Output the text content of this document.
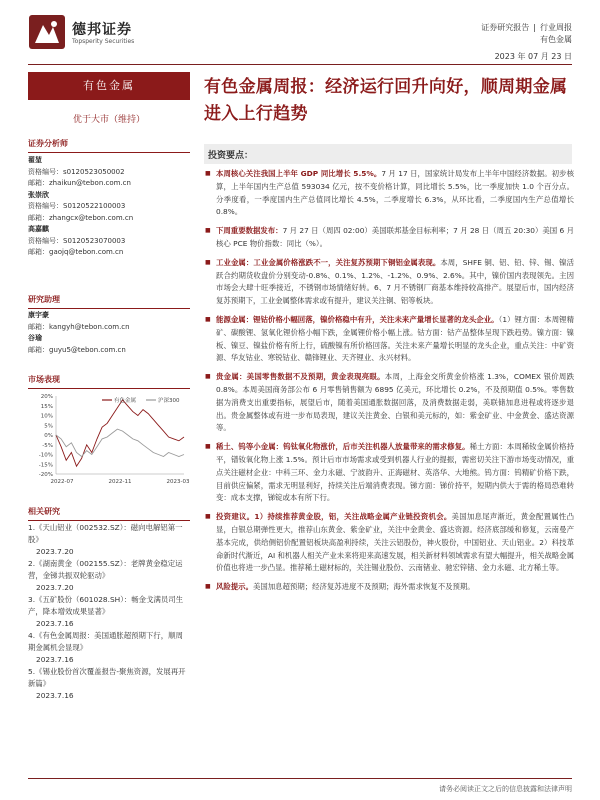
德邦证券
Topsperity Securities
证券研究报告 | 行业周报
有色金属
2023 年 07 月 23 日
有色金属
优于大市（维持）
证券分析师
翟堃
资格编号：s0120523050002
邮箱：zhaikun@tebon.com.cn
张崇欣
资格编号：S0120522100003
邮箱：zhangcx@tebon.com.cn
高嘉麒
资格编号：S0120523070003
邮箱：gaojq@tebon.com.cn
研究助理
康宇豪
邮箱：kangyh@tebon.com.cn
谷瑜
邮箱：guyu5@tebon.com.cn
市场表现
20%
15%
10%
5%
0%
-5%
-10%
-15%
-20%
2022-07	2022-11	2023-03
有色金属	沪深300
相关研究

1.《天山铝业（002532.SZ）：磁向电解铝第一股》

2023.7.20

2.《湖南黄金（002155.SZ）：老牌黄金稳定运营，金锑共振双轮驱动》

2023.7.20

3.《五矿股份（601028.SH）：畅金戈满员司生产，降本增效成果显著》

2023.7.16

4.《有色金属周报：美国通胀超预期下行，顺周期金属机会显现》

2023.7.16

5.《锡业股份首次覆盖报告-聚焦资源，发展再开新篇》

2023.7.16

有色金属周报：经济运行回升向好，顺周期金属进入上行趋势
投资要点：
■ 本周核心关注我国上半年 GDP 同比增长 5.5%。7 月 17 日，国家统计局发布上半年中国经济数据。初步核算，上半年国内生产总值 593034 亿元，按不变价格计算，同比增长 5.5%，比一季度加快 1.0 个百分点。分季度看，一季度国内生产总值同比增长 4.5%，二季度增长 6.3%，从环比看，二季度国内生产总值增长 0.8%。
■ 下周重要数据发布：7 月 27 日（周四 02:00）美国联邦基金目标利率；7 月 28 日（周五 20:30）美国 6 月核心 PCE 物价指数：同比（%）。
■ 工业金属：工业金属价格涨跌不一，关注复苏预期下铜铝金属表现。本周，SHFE 铜、铝、铅、锌、锡、镍活跃合约期货收盘价分别变动-0.8%、0.1%、1.2%、-1.2%、0.9%、2.6%。其中，镍价国内表现领先。主因市场会大肆十旺季接近，不锈钢市场情绪好转。6、7 月不锈钢厂商基本维持较高排产。展望后市，国内经济复苏预期下，工业金属整体需求或有提升，建议关注铜、铝等板块。
■ 能源金属：锂钴价格小幅回落，镍价格稳中有升，关注未来产量增长显著的龙头企业。（1）锂方面：本周锂精矿、碳酸锂、氢氧化锂价格小幅下跌，金属锂价格小幅上涨。钴方面：钴产品整体呈现下跌趋势。镍方面：镍板、镍豆、镍盐价格有所上行，硫酸镍有所价格回落。关注未来产量增长明显的龙头企业，重点关注：中矿资源、华友钴业、寒锐钴业、赣锋锂业、天齐锂业、永兴材料。
■ 贵金属：美国零售数据不及预期，黄金表现亮眼。本周，上海金交所黄金价格涨 1.3%，COMEX 银价周跌 0.8%。本周美国商务部公布 6 月零售销售额为 6895 亿美元，环比增长 0.2%，不及预期值 0.5%。零售数据为消费支出重要指标，展望后市，随着美国通胀数据回落，及消费数据走弱，美联储加息进程或将逐步退出。贵金属整体或有进一步布局表现，建议关注黄金、白银和美元标的，如：紫金矿业、中金黄金、盛达资源等。
■ 稀土、钨等小金属：钨钛氧化物涨价，后市关注机器人放量带来的需求修复。稀土方面：本周稀钕金属价格持平，镨钕氧化物上涨 1.5%。预计后市市场需求或受到机器人行业的提振，需密切关注下游市场变动情况，重点关注磁材企业：中科三环、金力永磁、宁波韵升、正海磁材、英洛华、大地熊。钨方面：钨精矿价格下跌，目前供应偏紧，需求无明显利好，持续关注后端消费表现。锑方面：锑价持平，短期内供大于需的格局恐难转变：成本支撑，锑锭或本有所下行。
■ 投资建议。1）持续推荐黄金股，铝，关注战略金属产业链投资机会。美国加息尾声渐近，黄金配置属性凸显，白银总期弹性更大，推荐山东黄金、紫金矿业，关注中金黄金、盛达资源。经济底部缓和修复，云南曼产基本完成，供给侧铝价配置铝板块高盈利持续，关注云铝股份，神火股份，中国铝业、天山铝业。2）科技革命新时代渐近，AI 和机器人相关产业未来将迎来高速发展，相关新材料领域需求有望大幅提升，相关战略金属价值也将进一步凸显。推荐稀土磁材标的，关注锡业股份、云南锗业、驰宏锌锗、金力永磁、北方稀土等。
■ 风险提示。美国加息超预期；经济复苏进度不及预期；海外需求恢复不及预期。
请务必阅读正文之后的信息披露和法律声明
